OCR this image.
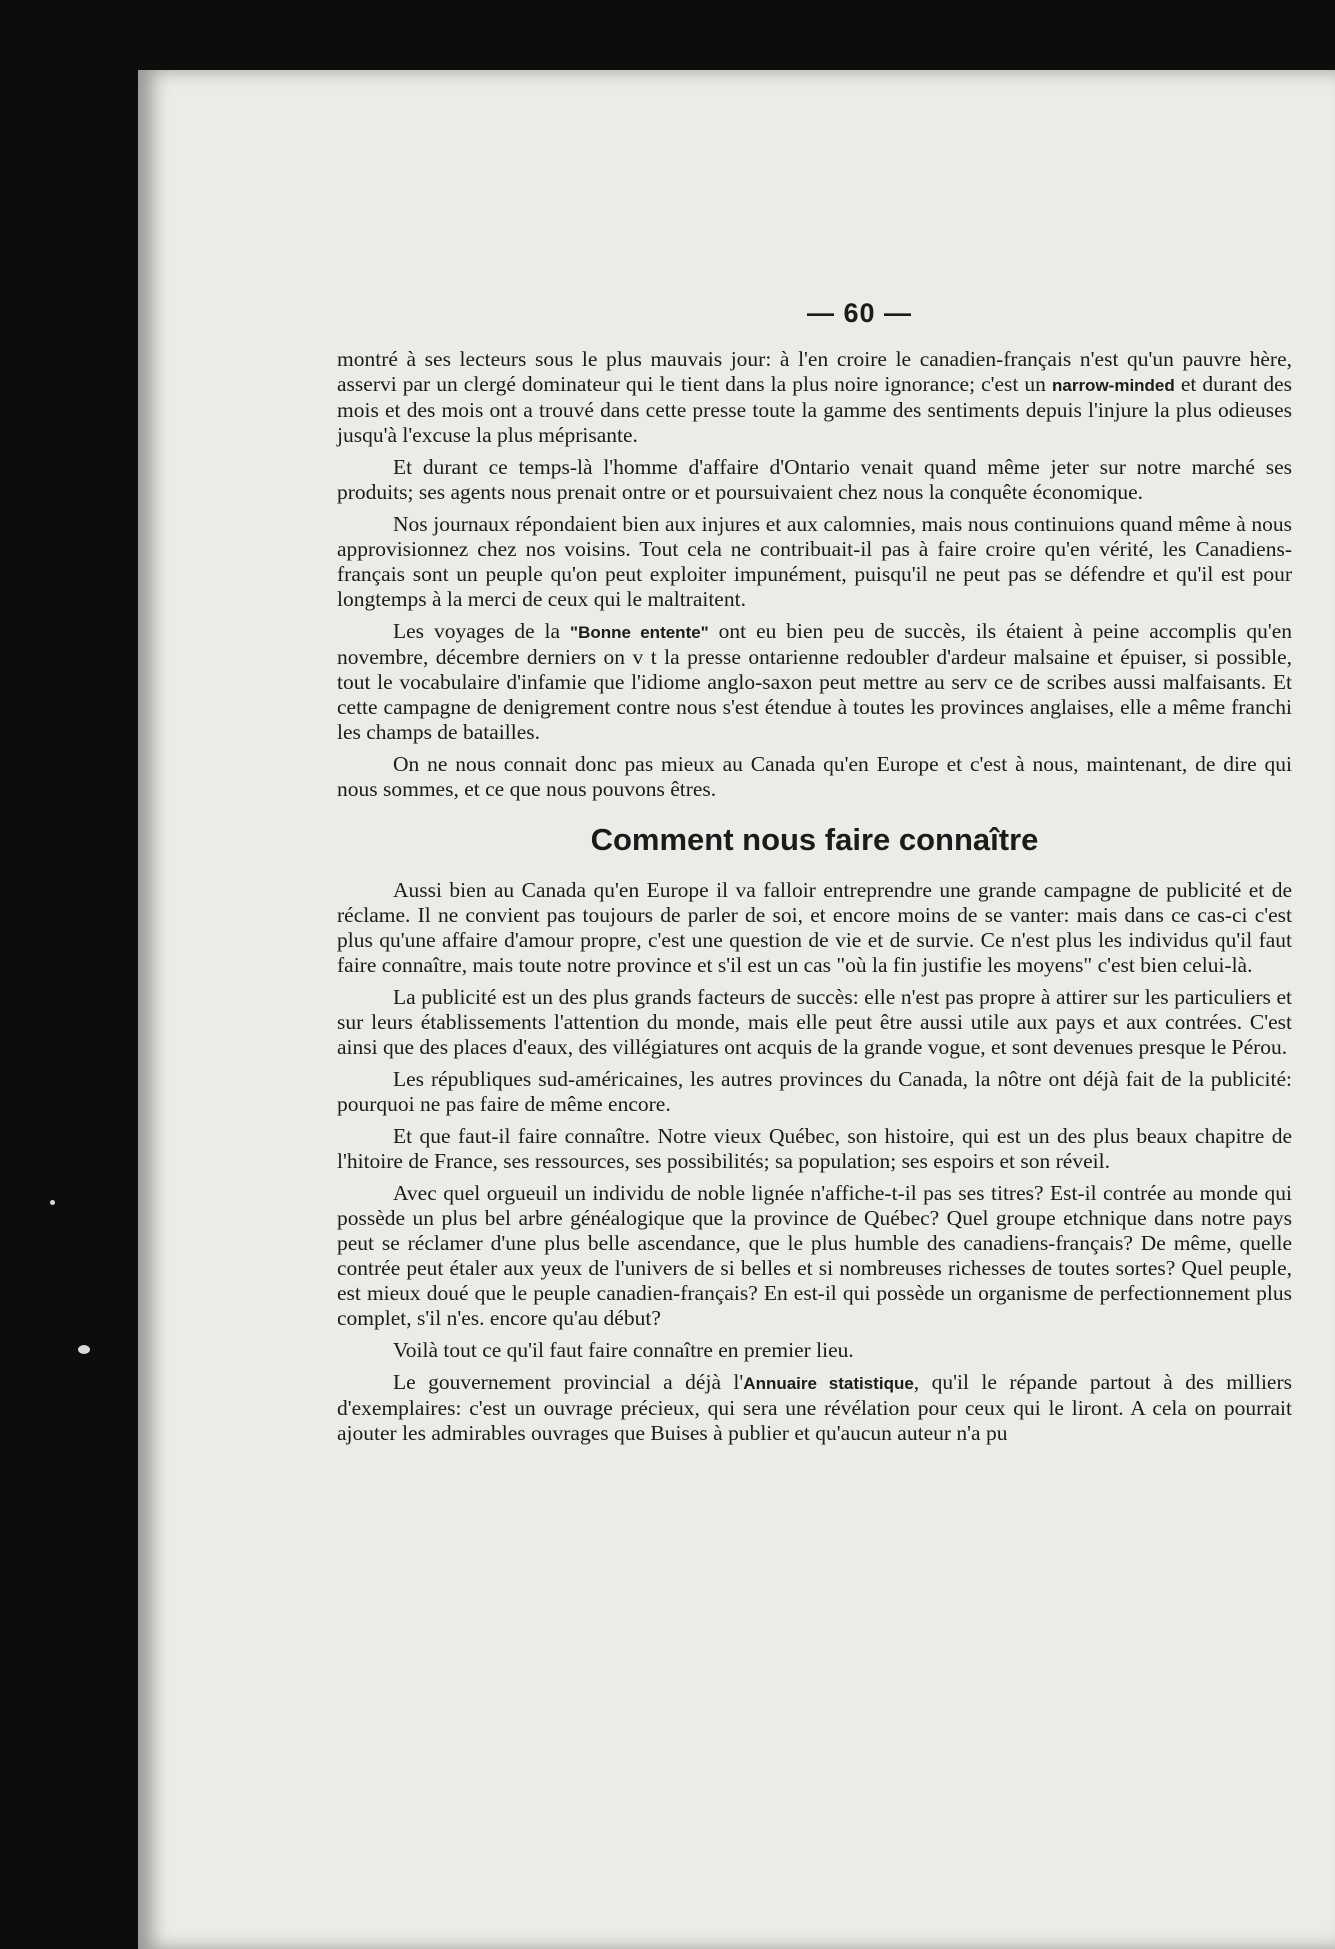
— 60 —

montré à ses lecteurs sous le plus mauvais jour: à l'en croire le canadien-français n'est qu'un pauvre hère, asservi par un clergé dominateur qui le tient dans la plus noire ignorance; c'est un narrow-minded et durant des mois et des mois ont a trouvé dans cette presse toute la gamme des sentiments depuis l'injure la plus odieuses jusqu'à l'excuse la plus méprisante.

Et durant ce temps-là l'homme d'affaire d'Ontario venait quand même jeter sur notre marché ses produits; ses agents nous prenait ontre or et poursuivaient chez nous la conquête économique.

Nos journaux répondaient bien aux injures et aux calomnies, mais nous continuions quand même à nous approvisionnez chez nos voisins. Tout cela ne contribuait-il pas à faire croire qu'en vérité, les Canadiens-français sont un peuple qu'on peut exploiter impunément, puisqu'il ne peut pas se défendre et qu'il est pour longtemps à la merci de ceux qui le maltraitent.

Les voyages de la "Bonne entente" ont eu bien peu de succès, ils étaient à peine accomplis qu'en novembre, décembre derniers on v t la presse ontarienne redoubler d'ardeur malsaine et épuiser, si possible, tout le vocabulaire d'infamie que l'idiome anglo-saxon peut mettre au serv ce de scribes aussi malfaisants. Et cette campagne de denigrement contre nous s'est étendue à toutes les provinces anglaises, elle a même franchi les champs de batailles.

On ne nous connait donc pas mieux au Canada qu'en Europe et c'est à nous, maintenant, de dire qui nous sommes, et ce que nous pouvons êtres.

Comment nous faire connaître

Aussi bien au Canada qu'en Europe il va falloir entreprendre une grande campagne de publicité et de réclame. Il ne convient pas toujours de parler de soi, et encore moins de se vanter: mais dans ce cas-ci c'est plus qu'une affaire d'amour propre, c'est une question de vie et de survie. Ce n'est plus les individus qu'il faut faire connaître, mais toute notre province et s'il est un cas "où la fin justifie les moyens" c'est bien celui-là.

La publicité est un des plus grands facteurs de succès: elle n'est pas propre à attirer sur les particuliers et sur leurs établissements l'attention du monde, mais elle peut être aussi utile aux pays et aux contrées. C'est ainsi que des places d'eaux, des villégiatures ont acquis de la grande vogue, et sont devenues presque le Pérou.

Les républiques sud-américaines, les autres provinces du Canada, la nôtre ont déjà fait de la publicité: pourquoi ne pas faire de même encore.

Et que faut-il faire connaître. Notre vieux Québec, son histoire, qui est un des plus beaux chapitre de l'hitoire de France, ses ressources, ses possibilités; sa population; ses espoirs et son réveil.

Avec quel orgueuil un individu de noble lignée n'affiche-t-il pas ses titres? Est-il contrée au monde qui possède un plus bel arbre généalogique que la province de Québec? Quel groupe etchnique dans notre pays peut se réclamer d'une plus belle ascendance, que le plus humble des canadiens-français? De même, quelle contrée peut étaler aux yeux de l'univers de si belles et si nombreuses richesses de toutes sortes? Quel peuple, est mieux doué que le peuple canadien-français? En est-il qui possède un organisme de perfectionnement plus complet, s'il n'es. encore qu'au début?

Voilà tout ce qu'il faut faire connaître en premier lieu.

Le gouvernement provincial a déjà l'Annuaire statistique, qu'il le répande partout à des milliers d'exemplaires: c'est un ouvrage précieux, qui sera une révélation pour ceux qui le liront. A cela on pourrait ajouter les admirables ouvrages que Buises à publier et qu'aucun auteur n'a pu
